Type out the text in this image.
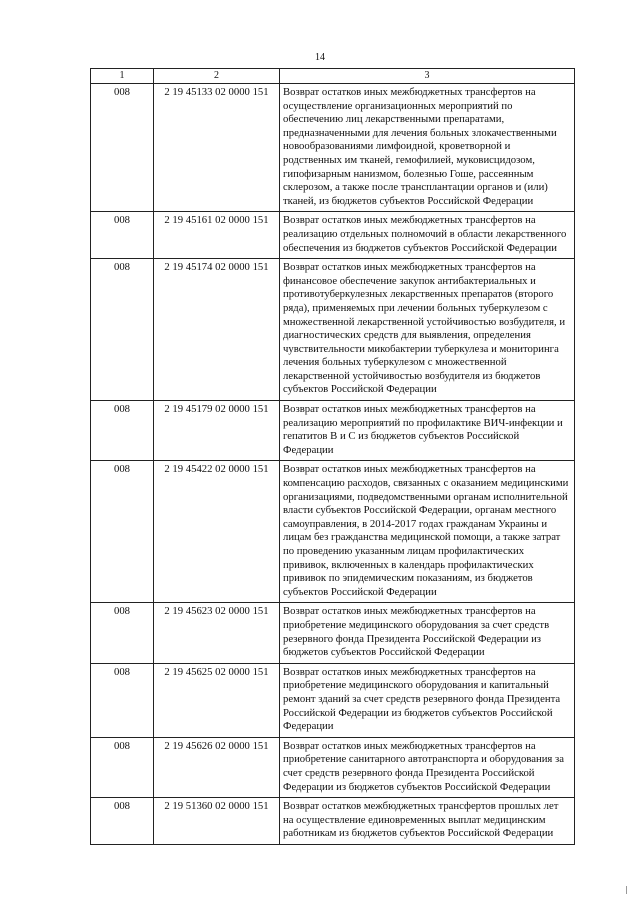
14
1	2	3
008	2 19 45133 02 0000 151	Возврат остатков иных межбюджетных трансфертов на осуществление организационных мероприятий по обеспечению лиц лекарственными препаратами, предназначенными для лечения больных злокачественными новообразованиями лимфоидной, кроветворной и родственных им тканей, гемофилией, муковисцидозом, гипофизарным нанизмом, болезнью Гоше, рассеянным склерозом, а также после трансплантации органов и (или) тканей, из бюджетов субъектов Российской Федерации
008	2 19 45161 02 0000 151	Возврат остатков иных межбюджетных трансфертов на реализацию отдельных полномочий в области лекарственного обеспечения из бюджетов субъектов Российской Федерации
008	2 19 45174 02 0000 151	Возврат остатков иных межбюджетных трансфертов на финансовое обеспечение закупок антибактериальных и противотуберкулезных лекарственных препаратов (второго ряда), применяемых при лечении больных туберкулезом с множественной лекарственной устойчивостью возбудителя, и диагностических средств для выявления, определения чувствительности микобактерии туберкулеза и мониторинга лечения больных туберкулезом с множественной лекарственной устойчивостью возбудителя из бюджетов субъектов Российской Федерации
008	2 19 45179 02 0000 151	Возврат остатков иных межбюджетных трансфертов на реализацию мероприятий по профилактике ВИЧ-инфекции и гепатитов В и С из бюджетов субъектов Российской Федерации
008	2 19 45422 02 0000 151	Возврат остатков иных межбюджетных трансфертов на компенсацию расходов, связанных с оказанием медицинскими организациями, подведомственными органам исполнительной власти субъектов Российской Федерации, органам местного самоуправления, в 2014-2017 годах гражданам Украины и лицам без гражданства медицинской помощи, а также затрат по проведению указанным лицам профилактических прививок, включенных в календарь профилактических прививок по эпидемическим показаниям, из бюджетов субъектов Российской Федерации
008	2 19 45623 02 0000 151	Возврат остатков иных межбюджетных трансфертов на приобретение медицинского оборудования за счет средств резервного фонда Президента Российской Федерации из бюджетов субъектов Российской Федерации
008	2 19 45625 02 0000 151	Возврат остатков иных межбюджетных трансфертов на приобретение медицинского оборудования и капитальный ремонт зданий за счет средств резервного фонда Президента Российской Федерации из бюджетов субъектов Российской Федерации
008	2 19 45626 02 0000 151	Возврат остатков иных межбюджетных трансфертов на приобретение санитарного автотранспорта и оборудования за счет средств резервного фонда Президента Российской Федерации из бюджетов субъектов Российской Федерации
008	2 19 51360 02 0000 151	Возврат остатков межбюджетных трансфертов прошлых лет на осуществление единовременных выплат медицинским работникам из бюджетов субъектов Российской Федерации
